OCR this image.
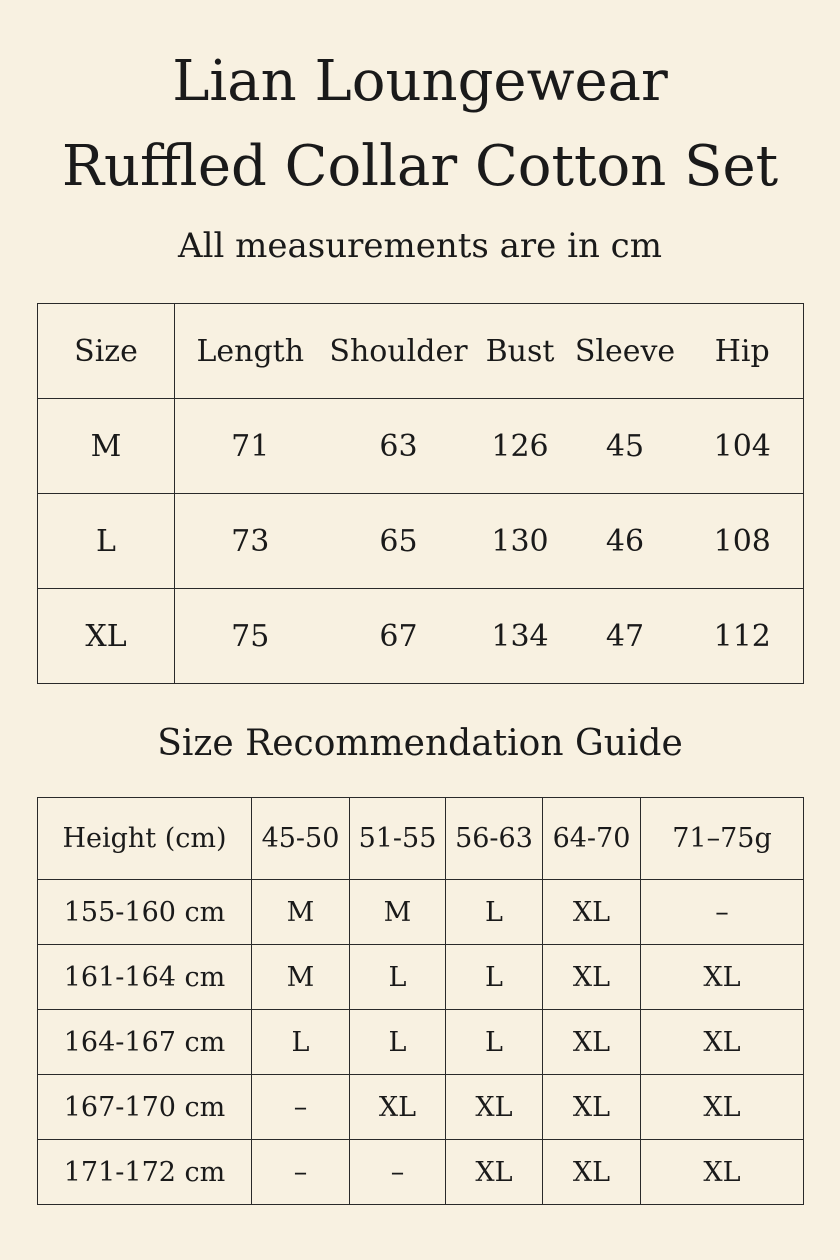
Lian Loungewear
Ruffled Collar Cotton Set
All measurements are in cm
Size	Length	Shoulder	Bust	Sleeve	Hip
M	71	63	126	45	104
L	73	65	130	46	108
XL	75	67	134	47	112
Size Recommendation Guide
Height (cm)	45-50	51-55	56-63	64-70	71–75g
155-160 cm	M	M	L	XL	–
161-164 cm	M	L	L	XL	XL
164-167 cm	L	L	L	XL	XL
167-170 cm	–	XL	XL	XL	XL
171-172 cm	–	–	XL	XL	XL
